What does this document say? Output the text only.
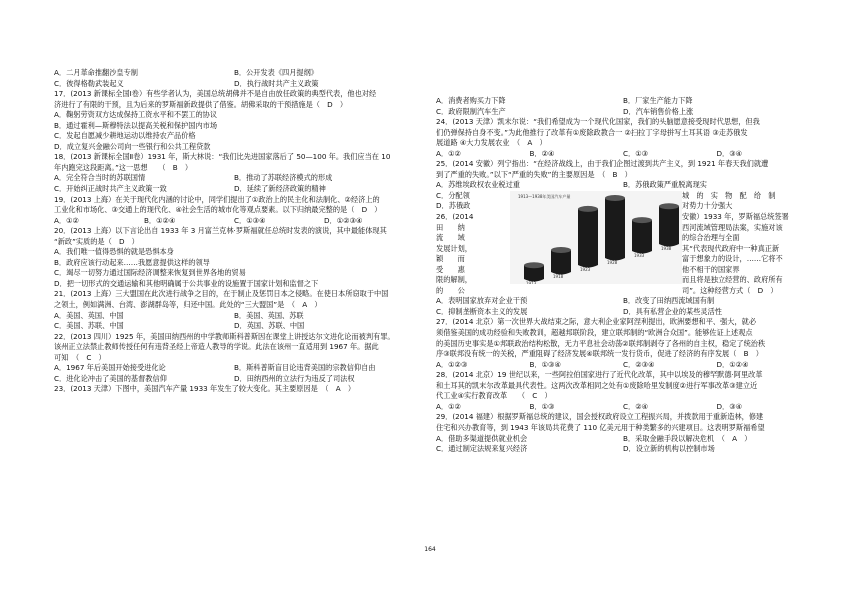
A．二月革命推翻沙皇专制	B．公开发表《四月提纲》
C．彼得格勒武装起义	D．执行战时共产主义政策
17．(2013 新课标全国Ⅰ卷）有些学者认为，美国总统胡佛并不是自由放任政策的典型代表，他也对经
济进行了有限的干预，且为后来的罗斯福新政提供了借鉴。胡佛采取的干预措施是（　D　）
A．鞠躬劳资双方达成保持工资水平和不罢工的协议
B．通过霍利—斯穆特法以提高关税和保护国内市场
C．发起自愿减少耕地运动以维持农产品价格
D．成立复兴金融公司向一些银行和公共工程贷款
18．(2013 新课标全国Ⅱ卷）1931 年，斯大林说：“我们比先进国家落后了 50—100 年。我们应当在 10
年内跑完这段距离。”这一思想　　（　B　）
A．完全符合当时的苏联国情	B．推动了苏联经济模式的形成
C．开始纠正战时共产主义政策一致	D．延续了新经济政策的精神
19．(2013 上海）在关于现代化内涵的讨论中，同学们提出了①政治上的民主化和法制化、②经济上的
工业化和市场化、③交通上的现代化、④社会生活的城市化等观点要素。以下归纳最完整的是（　D　）
A．①②	B．①②④	C．①③④	D．①②③④
20．(2013 上海）以下言论出自 1933 年 3 月富兰克林·罗斯福就任总统时发表的演说，其中最能体现其
“新政”实质的是（　D　）
A．我们唯一值得恐惧的就是恐惧本身
B．政府应该行动起来……我愿意提供这样的领导
C．竭尽一切努力通过国际经济调整来恢复到世界各地的贸易
D．把一切形式的交通运输和其他明确属于公共事业的设施置于国家计划和监督之下
21．(2013 上海）三大盟国在此次进行战争之目的，在于制止及惩罚日本之侵略。在使日本所窃取于中国
之领土，例如满洲、台湾、澎湖群岛等，归还中国。此处的“三大盟国”是　（　A　）
A．美国、英国、中国	B．美国、英国、苏联
C．美国、苏联、中国	D．英国、苏联、中国
22．(2013 四川）1925 年，美国田纳西州的中学教师斯科普斯因在课堂上讲授达尔文进化论而被判有罪。
该州正立法禁止教师传授任何有违背圣经上帝造人教导的学说。此法在该州一直适用到 1967 年。据此
可知　（　C　）
A．1967 年后美国开始接受进化论	B．斯科普斯盲目论违背美国的宗教信仰自由
C．进化论冲击了美国的基督教信仰	D．田纳西州的立法行为违反了司法权
23．(2013 天津）下图中，美国汽车产量 1933 年发生了较大变化。其主要原因是　（　A　）
A．消费者购买力下降	B．厂家生产能力下降
C．政府限制汽车生产	D．汽车销售价格上涨
24．(2013 天津）凯末尔说：“我们希望成为一个现代化国家，我们的头脑愿意接受现时代思想，但我
们仍弹保持自身不变。”为此他推行了改革有①废除政教合一 ②扫拉丁字母拼写土耳其语 ③走苏俄发
展道路 ④大力发展农业　（　A　）
A．①②	B．②④	C．①③	D．③④
25．(2014 安徽）列宁指出：“在经济战线上，由于我们企图过渡到共产主义，到 1921 年春天我们就遭
到了严重的失败。”以下“严重的失败”的主要原因是　（　B　）
A．苏维埃政权农业税过重	B．苏俄政策严重脱离现实
C．分配领
D．苏俄政
26．(2014
田　　纳
流　　域
发展计划，
颖　　而
受　　惠
限的解制，
的　　公
1913—1938年美国汽车产量
1913
1918
1923
1928
1933
1938
城　的　实　物　配　给　制
对势力十分强大
安徽）1933 年，罗斯福总统签署
西河流域管理局法案，实施对该
的综合治理与全面
其“代表现代政府中一种真正新
富于想象力的设计，……它将不
他不相干的国家界
而且将是独立经营的、政府所有
司”。这种经营方式（　D　）
A．表明国家放弃对企业干预	B．改变了田纳西流域国有制
C．抑制垄断资本主义的发展	D．具有私营企业的某些灵活性
27．(2014 北京）第一次世界大战结束之际，意大利企业家阿涅利提出，欧洲要想和平、强大，就必
须借鉴美国的成功经验和失败教训，超越邦联阶段，建立联邦制的“欧洲合众国”。能够佐证上述观点
的美国历史事实是①邦联政治结构松散，无力平息社会动荡②联邦制剥夺了各州的自主权，稳定了统治秩
序③联邦没有统一的关税，严重阻碍了经济发展④联邦统一发行货币，促进了经济的有序发展（　B　）
A．①②③	B．①③④	C．②③④	D．①②④
28．(2014 北京）19 世纪以来，一些阿拉伯国家进行了近代化改革，其中以埃及的穆罕默德·阿里改革
和土耳其的凯末尔改革最具代表性。这两次改革相同之处有①废除哈里发制度②进行军事改革③建立近
代工业④实行教育改革　　（　C　）
A．①②	B．①③	C．②④	D．③④
29．(2014 福建）根据罗斯福总统的建议，国会授权政府设立工程振兴局，并拨款用于重新造林，修建
住宅和兴办教育等，到 1943 年该局共花费了 110 亿美元用于种类繁多的兴建项目。这表明罗斯福希望
A．借助多渠道提供就业机会	B．采取金融手段以解决危机　（　A　）
C．通过制定法规来复兴经济	D．设立新的机构以控制市场
164
